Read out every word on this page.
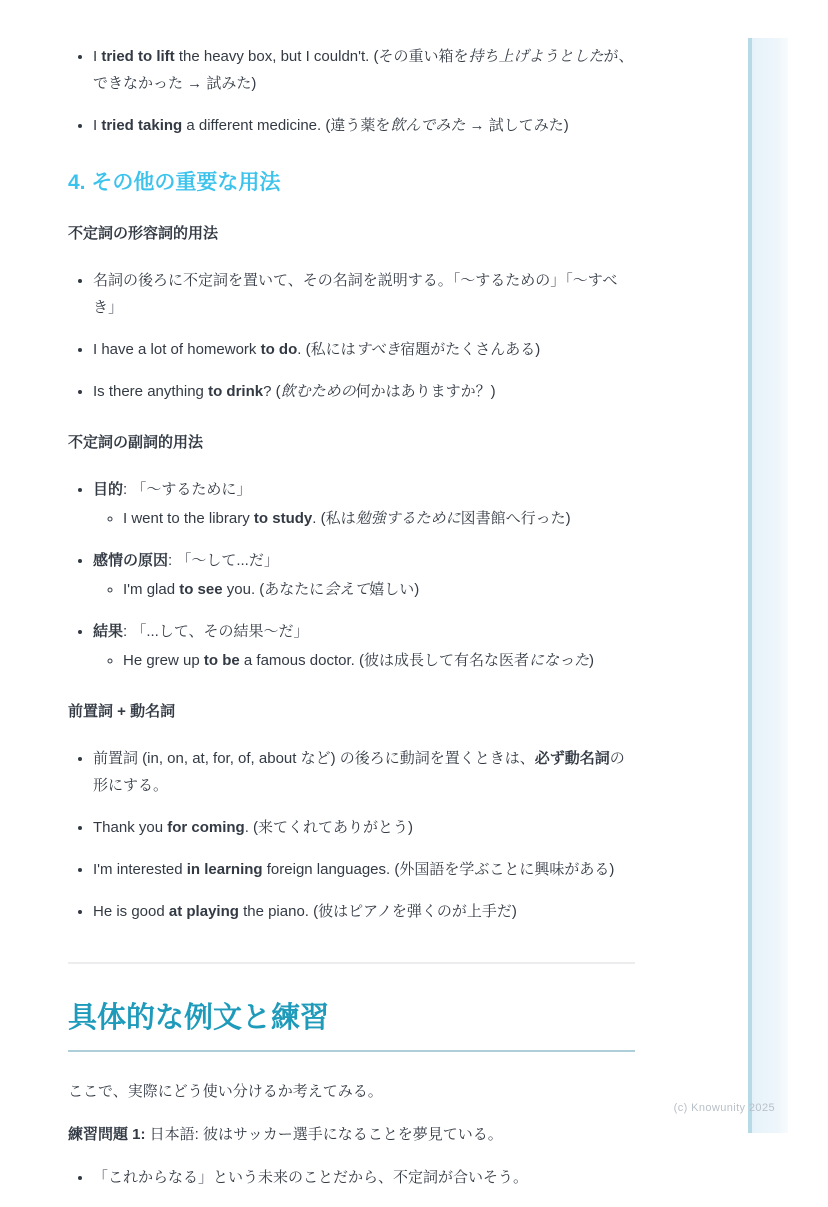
• I tried to lift the heavy box, but I couldn't. (その重い箱を持ち上げようとしたが、できなかった → 試みた)
• I tried taking a different medicine. (違う薬を飲んでみた → 試してみた)
4. その他の重要な用法

不定詞の形容詞的用法

• 名詞の後ろに不定詞を置いて、その名詞を説明する。「〜するための」「〜すべき」
• I have a lot of homework to do. (私にはすべき宿題がたくさんある)
• Is there anything to drink? (飲むための何かはありますか？)

不定詞の副詞的用法

• 目的: 「〜するために」
◦ I went to the library to study. (私は勉強するために図書館へ行った)
• 感情の原因: 「〜して...だ」
◦ I'm glad to see you. (あなたに会えて嬉しい)
• 結果: 「...して、その結果〜だ」
◦ He grew up to be a famous doctor. (彼は成長して有名な医者になった)

前置詞 + 動名詞

• 前置詞 (in, on, at, for, of, about など) の後ろに動詞を置くときは、必ず動名詞の形にする。
• Thank you for coming. (来てくれてありがとう)
• I'm interested in learning foreign languages. (外国語を学ぶことに興味がある)
• He is good at playing the piano. (彼はピアノを弾くのが上手だ)
具体的な例文と練習

ここで、実際にどう使い分けるか考えてみる。

練習問題 1: 日本語: 彼はサッカー選手になることを夢見ている。

• 「これからなる」という未来のことだから、不定詞が合いそう。
(c) Knowunity 2025
